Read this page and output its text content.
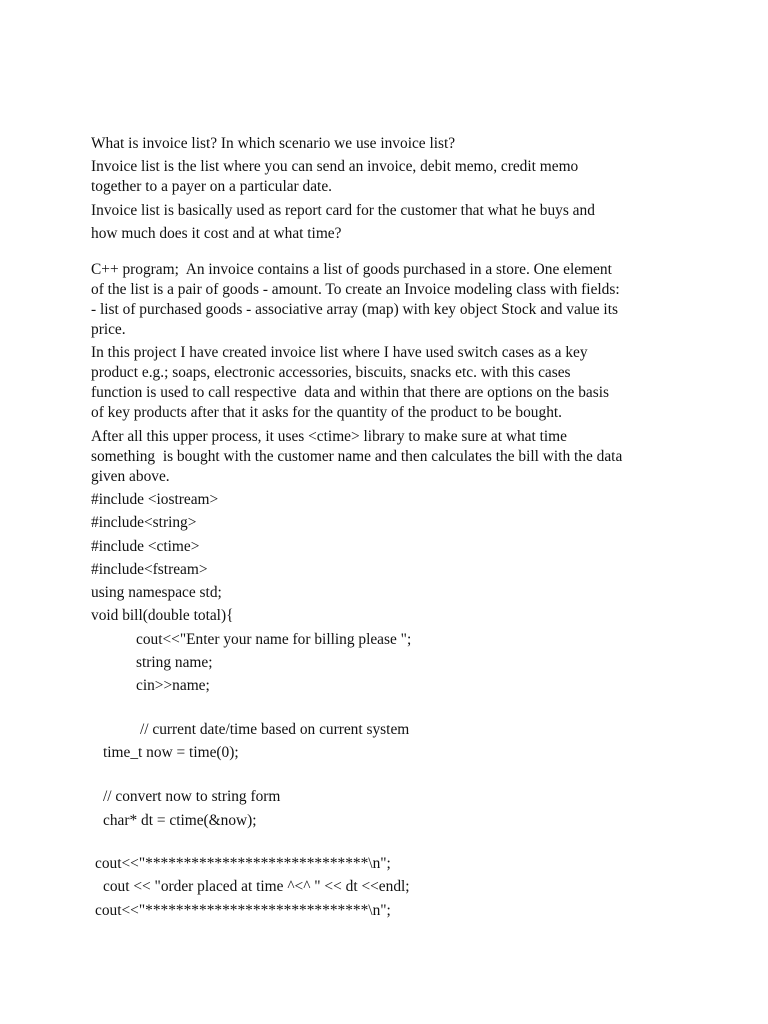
What is invoice list? In which scenario we use invoice list?

Invoice list is the list where you can send an invoice, debit memo, credit memo

together to a payer on a particular date.

Invoice list is basically used as report card for the customer that what he buys and

how much does it cost and at what time?

C++ program;  An invoice contains a list of goods purchased in a store. One element

of the list is a pair of goods - amount. To create an Invoice modeling class with fields:

- list of purchased goods - associative array (map) with key object Stock and value its

price.

In this project I have created invoice list where I have used switch cases as a key

product e.g.; soaps, electronic accessories, biscuits, snacks etc. with this cases

function is used to call respective  data and within that there are options on the basis

of key products after that it asks for the quantity of the product to be bought.

After all this upper process, it uses <ctime> library to make sure at what time

something  is bought with the customer name and then calculates the bill with the data

given above.

#include <iostream>

#include<string>

#include <ctime>

#include<fstream>

using namespace std;

void bill(double total){

cout<<"Enter your name for billing please ";

string name;

cin>>name;

// current date/time based on current system

time_t now = time(0);

// convert now to string form

char* dt = ctime(&now);

cout<<"*****************************\n";

cout << "order placed at time ^<^ " << dt <<endl;

cout<<"*****************************\n";
